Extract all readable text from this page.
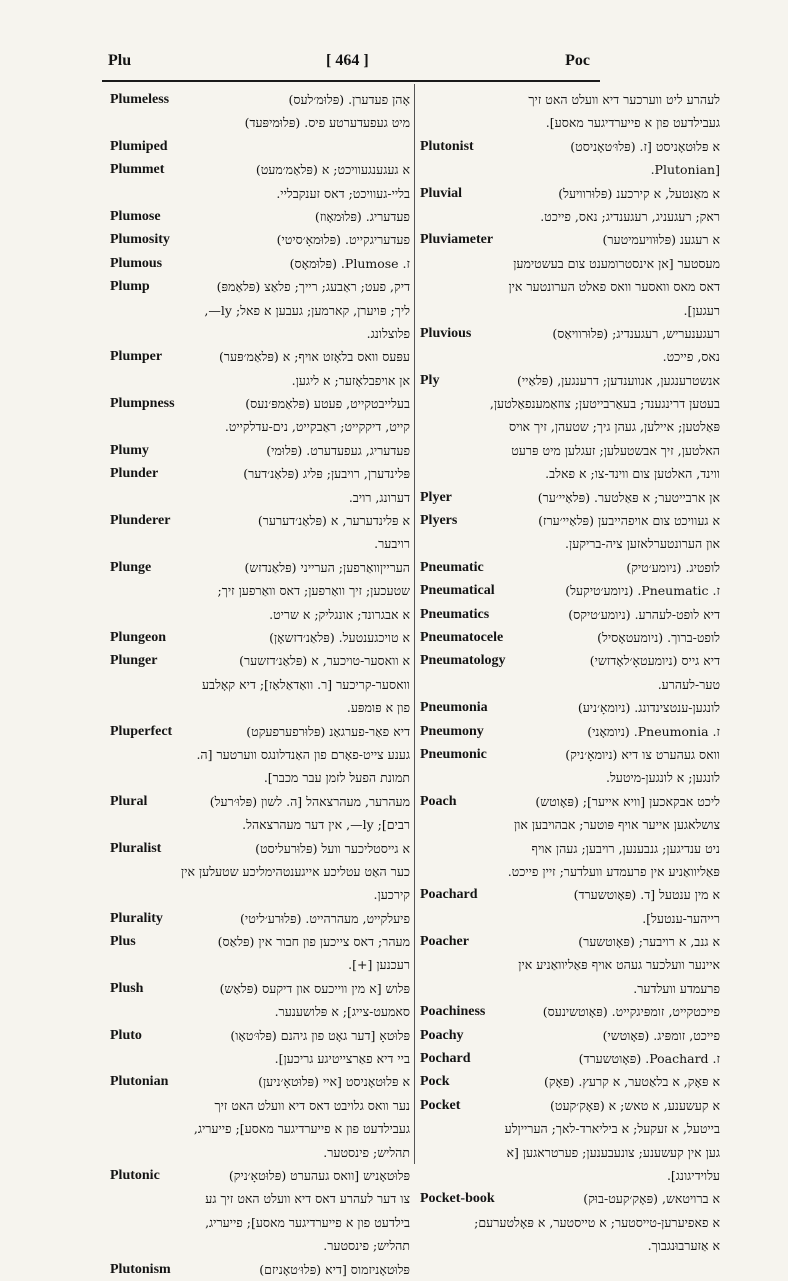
Plu	[ 464 ]	Poc
Plumeless	אָהן פעדערן. (פּלוּמ׳לעס)
מיט געפעדערטע פיס. (פּלוּמיפּעד)
Plumiped
Plummet	א געגענגעוויכט; א (פּלאַמ׳מעט)
בליי-געוויכט; דאס זענקבליי.
Plumose	פעדעריג. (פּלוּמאָוז)
Plumosity	פעדעריגקייט. (פּלוּמאָ׳סיטי)
Plumous	ז. Plumose. (פּלוּמאָס)
Plump	דיק, פעט; ראַבעג; רייך; פלאַצ (פּלאַמפּ)
ליך; פּויערן, קארמען; געבען א פאל; ly—,
פלוצלונג.
Plumper	עפּעס וואס בלאָזט אויף; א (פּלאַמ׳פּער)
אן אויפבלאָזער; א ליגען.
Plumpness	בעלייבטקייט, פעטע (פּלאַמפּ׳נעס)
קייט, דיקקייט; ראַבקייט, נים-עדלקייט.
Plumy	פעדעריג, געפעדערט. (פּלוּמי)
Plunder	פּלינדערן, רויבען; פּליג (פּלאַנ׳דער)
דערונג, רויב.
Plunderer	א פּלינדערער, א (פּלאַנ׳דערער)
רויבער.
Plunge	הערייןוואַרפען; הערייני (פּלאַנדזש)
שטעכען; זיך וואַרפען; דאס וואַרפען זיך;
א אבגרונד; אונגליק; א שריט.
Plungeon	א טויכגענטעל. (פּלאַנ׳דזשאָן)
Plunger	א וואסער-טויכער, א (פּלאַנ׳דזשער)
וואסער-קריכער [ר. וואַדאַלאַז]; דיא קאָלבע
פון א פּומפּע.
Pluperfect	דיא פאַר-פערגאַנ (פּלוּרפערפעקט)
גענע צייט-פאָרם פון האַנדלונגס ווערטער [ה.
תמונת הפעל לזמן עבר מכבר].
Plural	מעהרער, מעהרצאהל [ה. לשון (פּלוּ׳רעל)
רבים]; ly—, אין דער מעהרצאהל.
Pluralist	א גייסטליכער וועל (פּלוּרעליסט)
כער האַט עטליכע אייגענטהימליכע שטעלען אין
קירכען.
Plurality	פיעלקייט, מעהרהייט. (פּלוּרע׳ליטי)
Plus	מעהר; דאס צייכען פון חבור אין (פּלאַס)
רעכנען [+].
Plush	פּלוש [א מין ווייכעס און דיקעס (פּלאַש)
סאמעט-צייג]; א פּלושענער.
Pluto	פּלוּטאָ [דער גאָט פון גיהנם (פּלוּ׳טאָו)
ביי דיא פאַרצייטיגע גריכען].
Plutonian	א פּלוּטאָניסט [איי (פּלוּטאָ׳ניען)
נער וואס גלויבט דאס דיא וועלט האט זיך
געבילדעט פון א פייערדיגער מאסע]; פייעריג,
תהליש; פינסטער.
Plutonic	פּלוּטאָניש [וואס געהערט (פּלוּטאָ׳ניק)
צו דער לעהרע דאס דיא וועלט האט זיך גע
בילדעט פון א פייערדיגער מאסע]; פייעריג,
תהליש; פינסטער.
Plutonism	פּלוּטאָניזמוס [דיא (פּלוּ׳טאָניזם)
לעהרע ליט ווערכער דיא וועלט האט זיך
געבילדעט פון א פייערדיגער מאסע].
Plutonist	א פּלוּטאָניסט [ז. (פּלוּ׳טאָניסט)
[Plutonian.
Pluvial	א מאַנטעל, א קירכענ (פּלוּרוויעל)
ראק; רעגעניג, רעגענדיג; נאס, פייכט.
Pluviameter	א רעגענ (פּלוּוויעמיטער)
מעסטער [אן אינסטרומענט צום בעשטימען
דאס מאס וואסער וואס פאלט הערונטער אין
רעגען].
Pluvious	רעגענעריש, רעגענדיג; (פּלוּרוויאַס)
נאס, פייכט.
Ply	אנשטרענגען, אנווענדען; דרענגען, (פּלאַיי)
בעטען דרינגענד; בעאַרבייטען; צוזאַמענפאַלטען,
פּאַלטען; איילען, געהן גיך; שטעהן, זיך אויס
האלטען, זיך אבשטעלען; זעגלען מיט פּרעט
ווינד, האלטען צום ווינד-צו; א פאלב.
Plyer	אן ארבייטער; א פּאַלטער. (פּלאַיי׳ער)
Plyers	א געוויכט צום אויפהייבען (פּלאַיי׳ערז)
און הערונטערלאזען ציה-בריקען.
Pneumatic	לופטיג. (ניומע׳טיק)
Pneumatical	ז. Pneumatic. (ניומע׳טיקעל)
Pneumatics	דיא לופט-לעהרע. (ניומע׳טיקס)
Pneumatocele	לופט-ברוך. (ניומעטאָסיל)
Pneumatology	דיא גייס (ניומעטאָ׳לאָדזשי)
טער-לעהרע.
Pneumonia	לונגען-ענטצינדונג. (ניומאָ׳ניע)
Pneumony	ז. Pneumonia. (ניומאָני)
Pneumonic	וואס געהערט צו דיא (ניומאָ׳ניק)
לונגען; א לונגען-מיטעל.
Poach	ליכט אבקאכען [וויא אייער]; (פּאָוטש)
צושלאגען אייער אויף פּוטער; אבהויבען און
ניט ענדיגען; גנבענען, רויבען; געהן אויף
פּאַליוואַניע אין פרעמדע וועלדער; זיין פייכט.
Poachard	א מין ענטעל [ד. (פּאָוטשערד)
רייהער-ענטעל].
Poacher	א גנב, א רויבער; (פּאָוטשער)
איינער וועלכער געהט אויף פּאַליוואַניע אין
פרעמדע וועלדער.
Poachiness	פייכטקייט, זומפּיגקייט. (פּאָוטשינעס)
Poachy	פייכט, זומפּיג. (פּאָוטשי)
Pochard	ז. Poachard. (פּאָוטשערד)
Pock	א פּאָק, א בלאַטער, א קרעץ. (פּאָק)
Pocket	א קעשענע, א טאש; א (פּאָק׳קעט)
בייטעל, א זעקעל; א ביליארד-לאך; הערייןלע
גען אין קעשענע; צונעבענען; פערטראגען [א
עלוידיגונג].
Pocket-book	א ברויטאש, (פּאָק׳קעט-בוּק)
א פאפיערען-טייסטער; א טייסטער, א פּאָלטערעם;
א אַזערבוּנגבוך.
